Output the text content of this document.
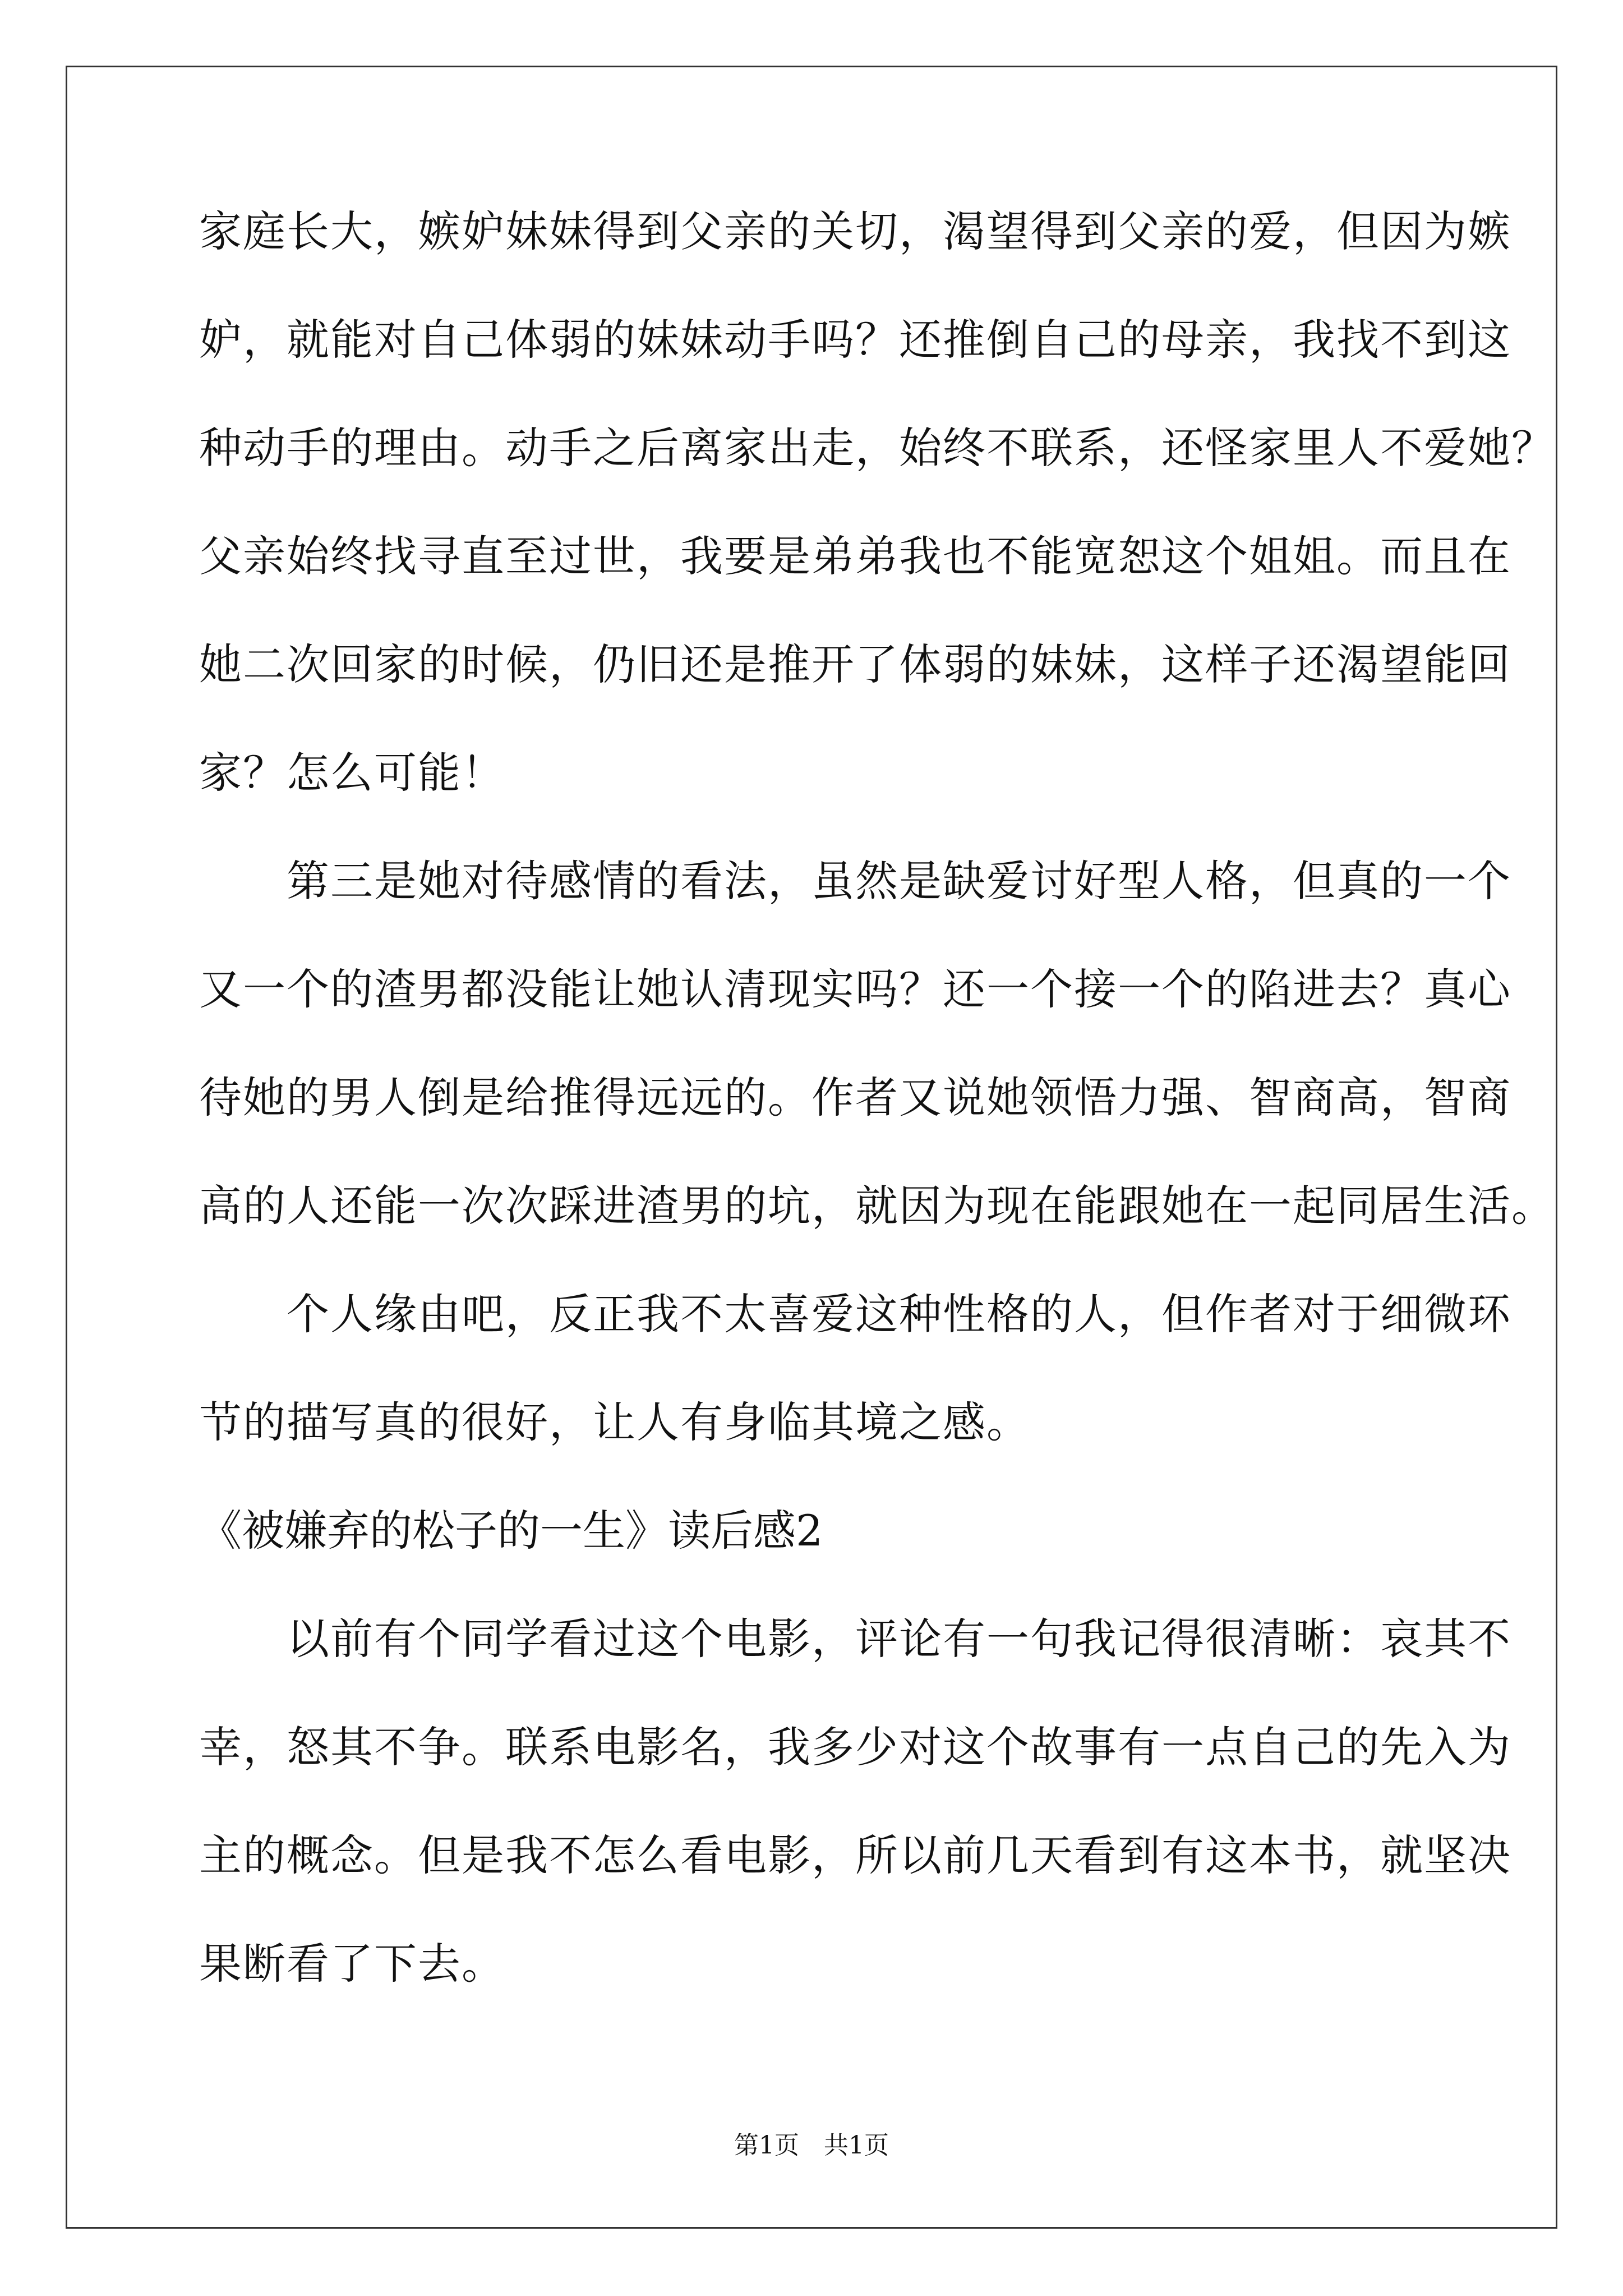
家庭长大，嫉妒妹妹得到父亲的关切，渴望得到父亲的爱，但因为嫉
妒，就能对自己体弱的妹妹动手吗？还推倒自己的母亲，我找不到这
种动手的理由。动手之后离家出走，始终不联系，还怪家里人不爱她？
父亲始终找寻直至过世，我要是弟弟我也不能宽恕这个姐姐。而且在
她二次回家的时候，仍旧还是推开了体弱的妹妹，这样子还渴望能回
家？怎么可能！
　　第三是她对待感情的看法，虽然是缺爱讨好型人格，但真的一个
又一个的渣男都没能让她认清现实吗？还一个接一个的陷进去？真心
待她的男人倒是给推得远远的。作者又说她领悟力强、智商高，智商
高的人还能一次次踩进渣男的坑，就因为现在能跟她在一起同居生活。
　　个人缘由吧，反正我不太喜爱这种性格的人，但作者对于细微环
节的描写真的很好，让人有身临其境之感。
《被嫌弃的松子的一生》读后感2
　　以前有个同学看过这个电影，评论有一句我记得很清晰：哀其不
幸，怒其不争。联系电影名，我多少对这个故事有一点自己的先入为
主的概念。但是我不怎么看电影，所以前几天看到有这本书，就坚决
果断看了下去。
第1页　共1页
